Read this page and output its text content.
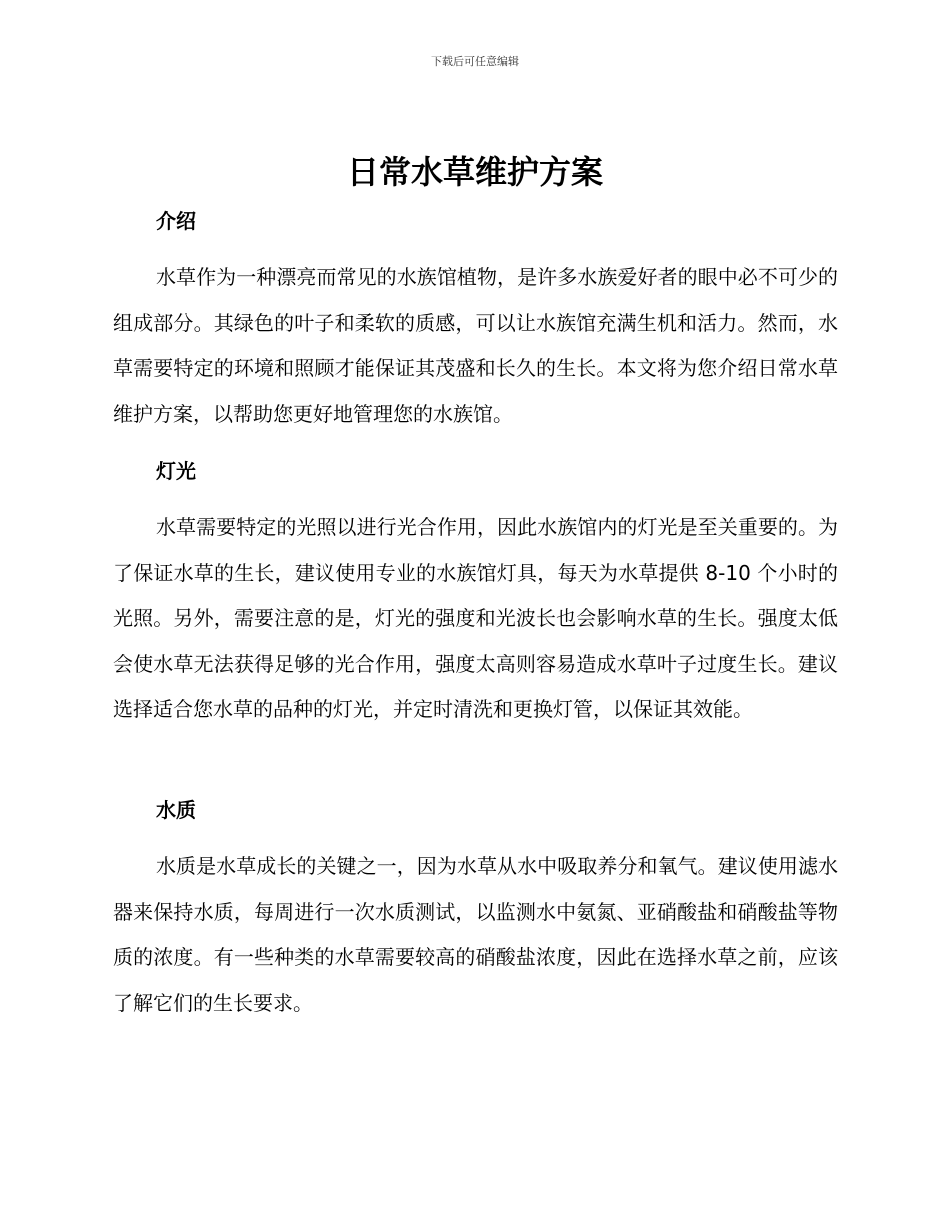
下载后可任意编辑
日常水草维护方案
介绍

水草作为一种漂亮而常见的水族馆植物，是许多水族爱好者的眼中必不可少的组成部分。其绿色的叶子和柔软的质感，可以让水族馆充满生机和活力。然而，水草需要特定的环境和照顾才能保证其茂盛和长久的生长。本文将为您介绍日常水草维护方案，以帮助您更好地管理您的水族馆。

灯光

水草需要特定的光照以进行光合作用，因此水族馆内的灯光是至关重要的。为了保证水草的生长，建议使用专业的水族馆灯具，每天为水草提供 8-10 个小时的光照。另外，需要注意的是，灯光的强度和光波长也会影响水草的生长。强度太低会使水草无法获得足够的光合作用，强度太高则容易造成水草叶子过度生长。建议选择适合您水草的品种的灯光，并定时清洗和更换灯管，以保证其效能。

水质

水质是水草成长的关键之一，因为水草从水中吸取养分和氧气。建议使用滤水器来保持水质，每周进行一次水质测试，以监测水中氨氮、亚硝酸盐和硝酸盐等物质的浓度。有一些种类的水草需要较高的硝酸盐浓度，因此在选择水草之前，应该了解它们的生长要求。
